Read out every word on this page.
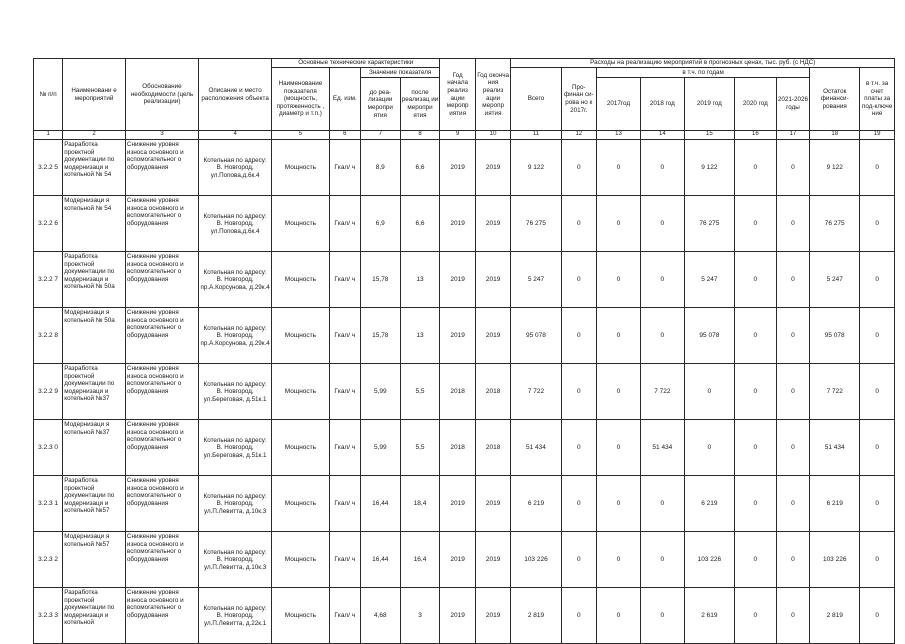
№ п/п	Наименовани е мероприятий	Обоснование необходимости (цель реализации)	Описание и место расположения объекта	Основные технические характеристики				Год начала реализ ации меропр иятия	Год оконча ния реализ ации меропр иятия	Расходы на реализацию мероприятий в прогнозных ценах, тыс. руб. (с НДС)								
				Наименование показателя (мощность, протяженность , диаметр и т.п.)	Ед. изм.	Значение показателя				Всего	Про-финан си-рова но к 2017г.	в т.ч. по годам					Остаток финанси-рования	в т.ч. за счет платы за под-ключе ние
						до реа-лизации меропри ятия	после реализац ии меропри ятия					2017год	2018 год	2019 год	2020 год	2021-2026 годы		
1	2	3	4	5	6	7	8	9	10	11	12	13	14	15	16	17	18	19
3.2.2 5	Разработка проектной документации по модернизаци и котельной № 54	Снижение уровня износа основного и вспомогательног о оборудования	Котельная по адресу: В. Новгород, ул.Попова,д.6к.4	Мощность	Гкал/ ч	8,9	6,6	2019	2019	9 122	0	0	0	9 122	0	0	9 122	0
3.2.2 6	Модернизаци я котельной № 54	Снижение уровня износа основного и вспомогательног о оборудования	Котельная по адресу: В. Новгород, ул.Попова,д.6к.4	Мощность	Гкал/ ч	6,9	6,6	2019	2019	76 275	0	0	0	76 275	0	0	76 275	0
3.2.2 7	Разработка проектной документации по модернизаци и котельной № 50а	Снижение уровня износа основного и вспомогательног о оборудования	Котельная по адресу: В. Новгород, пр.А.Корсунова, д.29к.4	Мощность	Гкал/ ч	15,78	13	2019	2019	5 247	0	0	0	5 247	0	0	5 247	0
3.2.2 8	Модернизаци я котельной № 50а	Снижение уровня износа основного и вспомогательног о оборудования	Котельная по адресу: В. Новгород, пр.А.Корсунова, д.29к.4	Мощность	Гкал/ ч	15,78	13	2019	2019	95 078	0	0	0	95 078	0	0	95 078	0
3.2.2 9	Разработка проектной документации по модернизаци и котельной №37	Снижение уровня износа основного и вспомогательног о оборудования	Котельная по адресу: В. Новгород, ул.Береговая, д.51к.1	Мощность	Гкал/ ч	5,99	5,5	2018	2018	7 722	0	0	7 722	0	0	0	7 722	0
3.2.3 0	Модернизаци я котельной №37	Снижение уровня износа основного и вспомогательног о оборудования	Котельная по адресу: В. Новгород, ул.Береговая, д.51к.1	Мощность	Гкал/ ч	5,99	5,5	2018	2018	51 434	0	0	51 434	0	0	0	51 434	0
3.2.3 1	Разработка проектной документации по модернизаци и котельной №57	Снижение уровня износа основного и вспомогательног о оборудования	Котельная по адресу: В. Новгород, ул.П.Левитта, д.10к.3	Мощность	Гкал/ ч	16,44	18,4	2019	2019	6 219	0	0	0	6 219	0	0	6 219	0
3.2.3 2	Модернизаци я котельной №57	Снижение уровня износа основного и вспомогательног о оборудования	Котельная по адресу: В. Новгород, ул.П.Левитта, д.10к.3	Мощность	Гкал/ ч	16,44	16,4	2019	2019	103 226	0	0	0	103 226	0	0	103 226	0
3.2.3 3	Разработка проектной документации по модернизаци и котельной	Снижение уровня износа основного и вспомогательног о оборудования	Котельная по адресу: В. Новгород, ул.П.Левитта, д.22к.1	Мощность	Гкал/ ч	4,68	3	2019	2019	2 819	0	0	0	2 619	0	0	2 819	0
